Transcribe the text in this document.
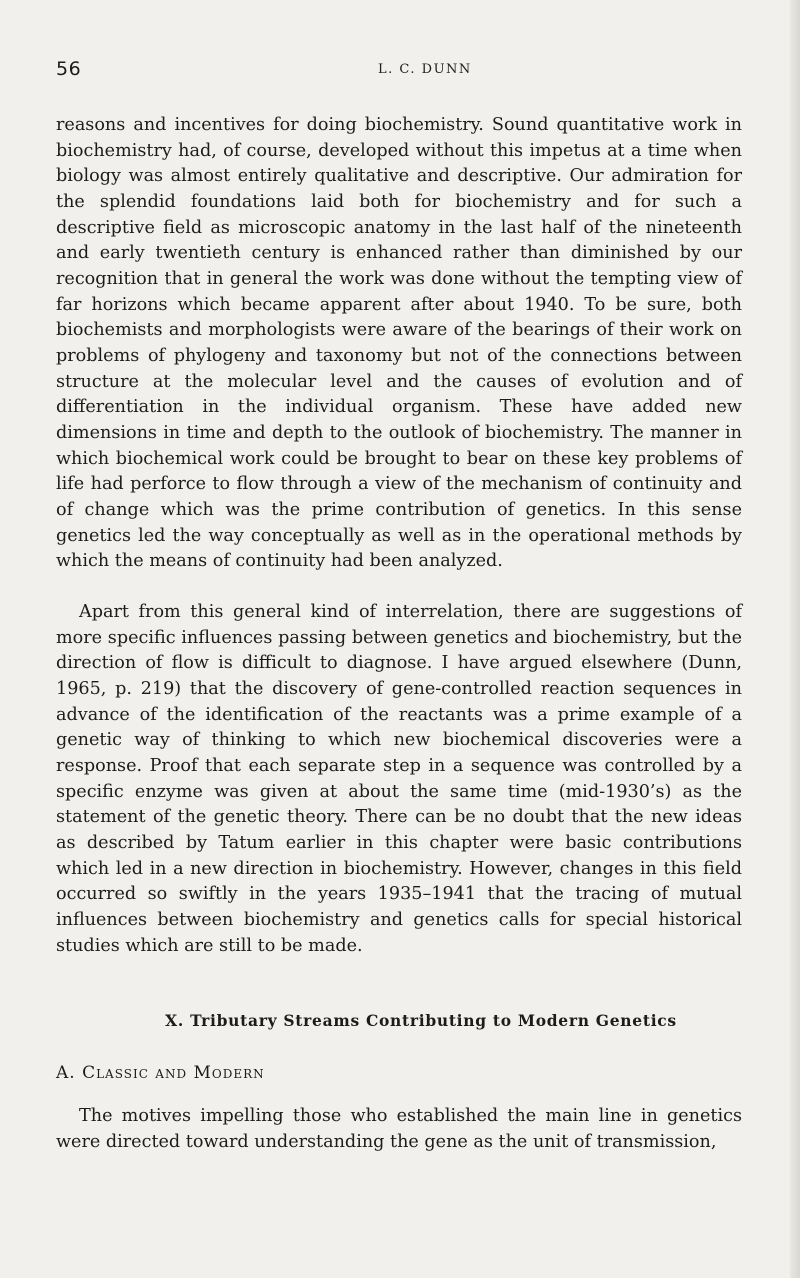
56	L. C. DUNN
reasons and incentives for doing biochemistry. Sound quantitative work in biochemistry had, of course, developed without this impetus at a time when biology was almost entirely qualitative and descriptive. Our admiration for the splendid foundations laid both for biochemistry and for such a descriptive field as microscopic anatomy in the last half of the nineteenth and early twentieth century is enhanced rather than diminished by our recognition that in general the work was done without the tempting view of far horizons which became apparent after about 1940. To be sure, both biochemists and morphologists were aware of the bearings of their work on problems of phylogeny and taxonomy but not of the connections between structure at the molecular level and the causes of evolution and of differentiation in the individual organism. These have added new dimensions in time and depth to the outlook of biochemistry. The manner in which biochemical work could be brought to bear on these key problems of life had perforce to flow through a view of the mechanism of continuity and of change which was the prime contribution of genetics. In this sense genetics led the way conceptually as well as in the operational methods by which the means of continuity had been analyzed.
Apart from this general kind of interrelation, there are suggestions of more specific influences passing between genetics and biochemistry, but the direction of flow is difficult to diagnose. I have argued elsewhere (Dunn, 1965, p. 219) that the discovery of gene-controlled reaction sequences in advance of the identification of the reactants was a prime example of a genetic way of thinking to which new biochemical discoveries were a response. Proof that each separate step in a sequence was controlled by a specific enzyme was given at about the same time (mid-1930’s) as the statement of the genetic theory. There can be no doubt that the new ideas as described by Tatum earlier in this chapter were basic contributions which led in a new direction in biochemistry. However, changes in this field occurred so swiftly in the years 1935–1941 that the tracing of mutual influences between biochemistry and genetics calls for special historical studies which are still to be made.
X. Tributary Streams Contributing to Modern Genetics
A. Classic and Modern
The motives impelling those who established the main line in genetics were directed toward understanding the gene as the unit of transmission,
